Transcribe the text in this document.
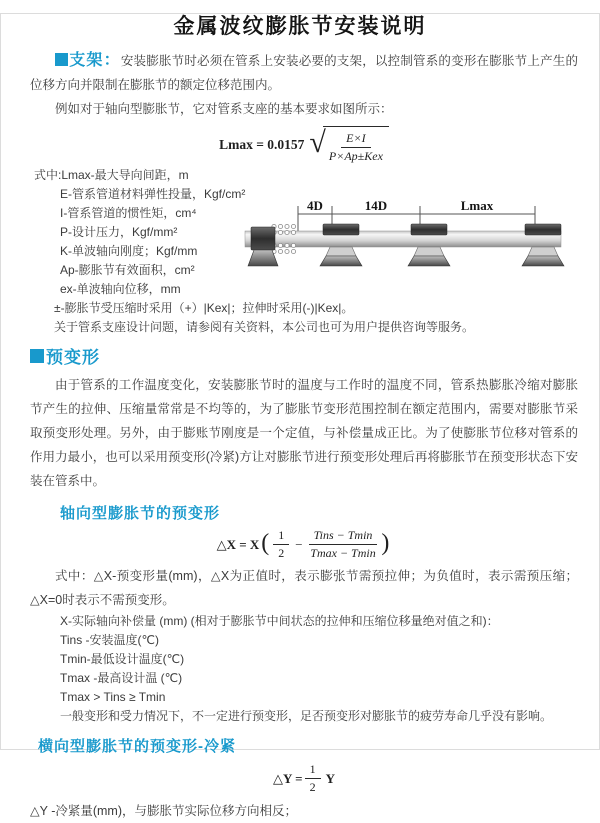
金属波纹膨胀节安装说明

支架：安装膨胀节时必须在管系上安装必要的支架，以控制管系的变形在膨胀节上产生的位移方向并限制在膨胀节的额定位移范围内。

例如对于轴向型膨胀节，它对管系支座的基本要求如图所示：

Lmax = 0.0157 √ $\frac{E\times I}{\text{P×Ap±Kex}}$
式中:Lmax-最大导向间距，m
E-管系管道材料弹性投量，Kgf/cm²
I-管系管道的惯性矩，cm⁴
P-设计压力，Kgf/mm²
K-单波轴向刚度；Kgf/mm
Ap-膨胀节有效面积，cm²
ex-单波轴向位移，mm
±-膨胀节受压缩时采用（+）|Kex|；拉伸时采用(-)|Kex|。
关于管系支座设计问题，请参阅有关资料，本公司也可为用户提供咨询等服务。
4D	14D	Lmax
预变形

由于管系的工作温度变化，安装膨胀节时的温度与工作时的温度不同，管系热膨胀冷缩对膨胀节产生的拉伸、压缩量常常是不均等的，为了膨胀节变形范围控制在额定范围内，需要对膨胀节采取预变形处理。另外，由于膨账节刚度是一个定值，与补偿量成正比。为了使膨胀节位移对管系的作用力最小，也可以采用预变形(冷紧)方让对膨胀节进行预变形处理后再将膨胀节在预变形状态下安装在管系中。

轴向型膨胀节的预变形
△X = X ( $\frac{1}{2} - \frac{\text{Tins − Tmin}}{Tmax - Tmin}$ )

式中：△X-预变形量(mm)，△X为正值时，表示膨张节需预拉伸；为负值时，表示需预压缩；△X=0时表示不需预变形。

X-实际轴向补偿量 (mm) (相对于膨胀节中间状态的拉伸和压缩位移量绝对值之和)：
Tins -安装温度(℃)
Tmin-最低设计温度(℃)
Tmax -最高设计温 (℃)
Tmax > Tins ≥ Tmin
一般变形和受力情况下，不一定进行预变形，足否预变形对膨胀节的疲劳寿命几乎没有影响。
横向型膨胀节的预变形-冷紧
△Y = $\frac{1}{2}$ Y

△Y -冷紧量(mm)，与膨胀节实际位移方向相反；
